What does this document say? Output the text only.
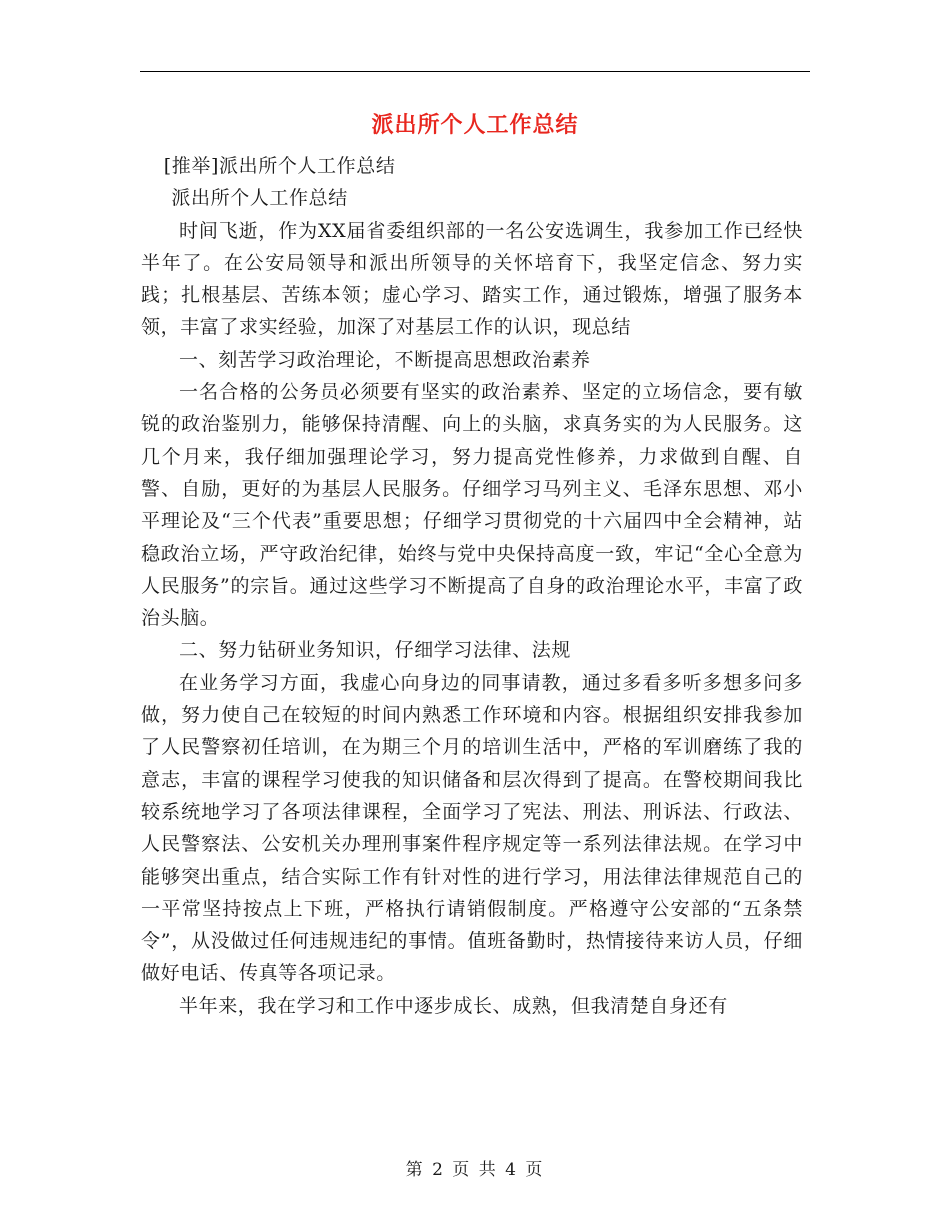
派出所个人工作总结

[推举]派出所个人工作总结

派出所个人工作总结

时间飞逝，作为XX届省委组织部的一名公安选调生，我参加工作已经快半年了。在公安局领导和派出所领导的关怀培育下，我坚定信念、努力实践；扎根基层、苦练本领；虚心学习、踏实工作，通过锻炼，增强了服务本领，丰富了求实经验，加深了对基层工作的认识，现总结

一、刻苦学习政治理论，不断提高思想政治素养

一名合格的公务员必须要有坚实的政治素养、坚定的立场信念，要有敏锐的政治鉴别力，能够保持清醒、向上的头脑，求真务实的为人民服务。这几个月来，我仔细加强理论学习，努力提高党性修养，力求做到自醒、自警、自励，更好的为基层人民服务。仔细学习马列主义、毛泽东思想、邓小平理论及“三个代表”重要思想；仔细学习贯彻党的十六届四中全会精神，站稳政治立场，严守政治纪律，始终与党中央保持高度一致，牢记“全心全意为人民服务”的宗旨。通过这些学习不断提高了自身的政治理论水平，丰富了政治头脑。

二、努力钻研业务知识，仔细学习法律、法规

在业务学习方面，我虚心向身边的同事请教，通过多看多听多想多问多做，努力使自己在较短的时间内熟悉工作环境和内容。根据组织安排我参加了人民警察初任培训，在为期三个月的培训生活中，严格的军训磨练了我的意志，丰富的课程学习使我的知识储备和层次得到了提高。在警校期间我比较系统地学习了各项法律课程，全面学习了宪法、刑法、刑诉法、行政法、人民警察法、公安机关办理刑事案件程序规定等一系列法律法规。在学习中能够突出重点，结合实际工作有针对性的进行学习，用法律法律规范自己的一平常坚持按点上下班，严格执行请销假制度。严格遵守公安部的“五条禁令”，从没做过任何违规违纪的事情。值班备勤时，热情接待来访人员，仔细做好电话、传真等各项记录。

半年来，我在学习和工作中逐步成长、成熟，但我清楚自身还有

第 2 页 共 4 页
